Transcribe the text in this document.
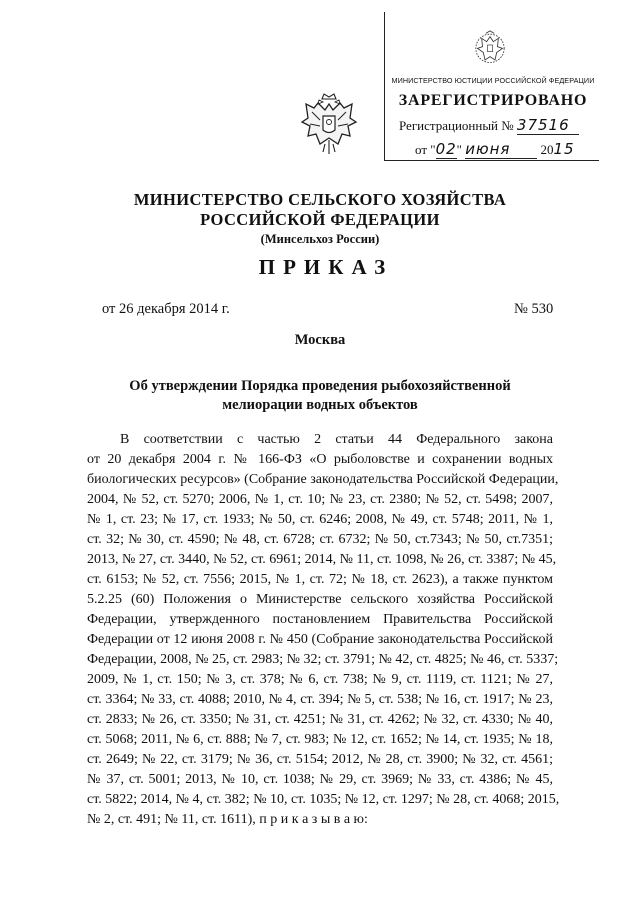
МИНИСТЕРСТВО ЮСТИЦИИ РОССИЙСКОЙ ФЕДЕРАЦИИ
ЗАРЕГИСТРИРОВАНО
Регистрационный № 37516
от "02" июня 2015
МИНИСТЕРСТВО СЕЛЬСКОГО ХОЗЯЙСТВА
РОССИЙСКОЙ ФЕДЕРАЦИИ
(Минсельхоз России)
ПРИКАЗ
от 26 декабря 2014 г.	№ 530
Москва
Об утверждении Порядка проведения рыбохозяйственной
мелиорации водных объектов
В соответствии с частью 2 статьи 44 Федерального закона
от 20 декабря 2004 г. № 166-ФЗ «О рыболовстве и сохранении водных
биологических ресурсов» (Собрание законодательства Российской Федерации,
2004, № 52, ст. 5270; 2006, № 1, ст. 10; № 23, ст. 2380; № 52, ст. 5498; 2007,
№ 1, ст. 23; № 17, ст. 1933; № 50, ст. 6246; 2008, № 49, ст. 5748; 2011, № 1,
ст. 32; № 30, ст. 4590; № 48, ст. 6728; ст. 6732; № 50, ст.7343; № 50, ст.7351;
2013, № 27, ст. 3440, № 52, ст. 6961; 2014, № 11, ст. 1098, № 26, ст. 3387; № 45,
ст. 6153; № 52, ст. 7556; 2015, № 1, ст. 72; № 18, ст. 2623), а также пунктом
5.2.25 (60) Положения о Министерстве сельского хозяйства Российской
Федерации, утвержденного постановлением Правительства Российской
Федерации от 12 июня 2008 г. № 450 (Собрание законодательства Российской
Федерации, 2008, № 25, ст. 2983; № 32; ст. 3791; № 42, ст. 4825; № 46, ст. 5337;
2009, № 1, ст. 150; № 3, ст. 378; № 6, ст. 738; № 9, ст. 1119, ст. 1121; № 27,
ст. 3364; № 33, ст. 4088; 2010, № 4, ст. 394; № 5, ст. 538; № 16, ст. 1917; № 23,
ст. 2833; № 26, ст. 3350; № 31, ст. 4251; № 31, ст. 4262; № 32, ст. 4330; № 40,
ст. 5068; 2011, № 6, ст. 888; № 7, ст. 983; № 12, ст. 1652; № 14, ст. 1935; № 18,
ст. 2649; № 22, ст. 3179; № 36, ст. 5154; 2012, № 28, ст. 3900; № 32, ст. 4561;
№ 37, ст. 5001; 2013, № 10, ст. 1038; № 29, ст. 3969; № 33, ст. 4386; № 45,
ст. 5822; 2014, № 4, ст. 382; № 10, ст. 1035; № 12, ст. 1297; № 28, ст. 4068; 2015,
№ 2, ст. 491; № 11, ст. 1611), п р и к а з ы в а ю:
